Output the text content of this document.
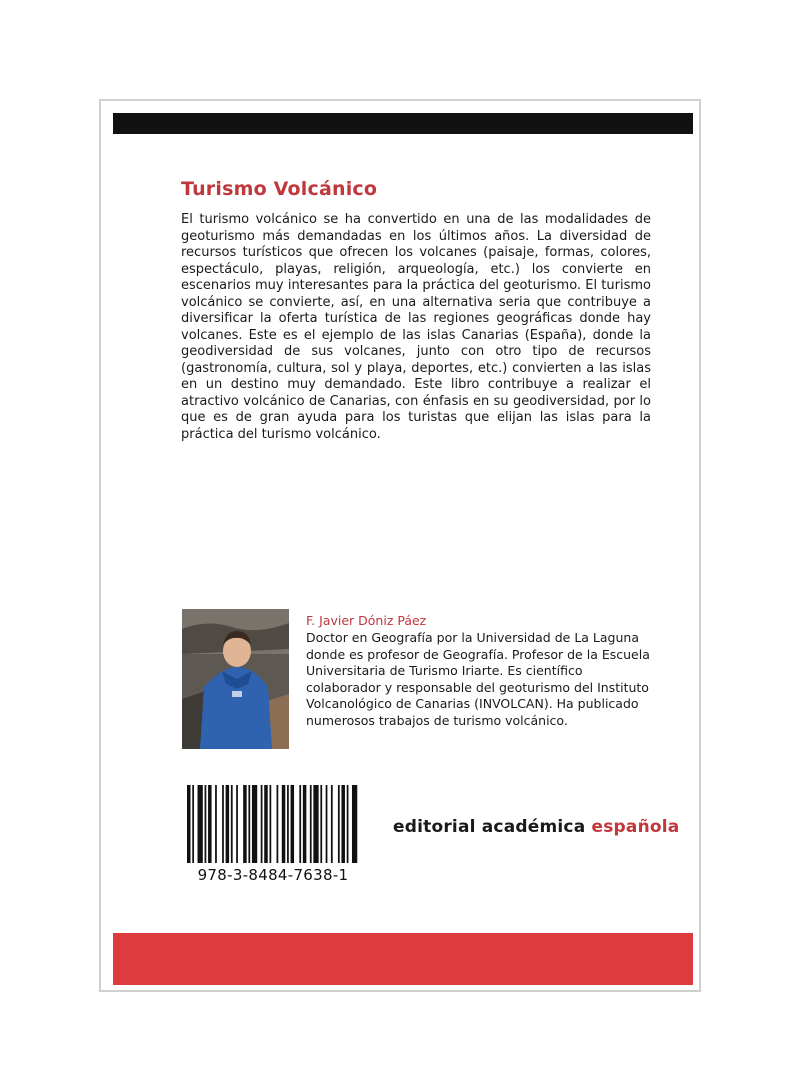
Turismo Volcánico

El turismo volcánico se ha convertido en una de las modalidades de geoturismo más demandadas en los últimos años. La diversidad de recursos turísticos que ofrecen los volcanes (paisaje, formas, colores, espectáculo, playas, religión, arqueología, etc.) los convierte en escenarios muy interesantes para la práctica del geoturismo. El turismo volcánico se convierte, así, en una alternativa seria que contribuye a diversificar la oferta turística de las regiones geográficas donde hay volcanes. Este es el ejemplo de las islas Canarias (España), donde la geodiversidad de sus volcanes, junto con otro tipo de recursos (gastronomía, cultura, sol y playa, deportes, etc.) convierten a las islas en un destino muy demandado. Este libro contribuye a realizar el atractivo volcánico de Canarias, con énfasis en su geodiversidad, por lo que es de gran ayuda para los turistas que elijan las islas para la práctica del turismo volcánico.

F. Javier Dóniz Páez

Doctor en Geografía por la Universidad de La Laguna donde es profesor de Geografía. Profesor de la Escuela Universitaria de Turismo Iriarte. Es científico colaborador y responsable del geoturismo del Instituto Volcanológico de Canarias (INVOLCAN). Ha publicado numerosos trabajos de turismo volcánico.

978-3-8484-7638-1
editorial académica española
